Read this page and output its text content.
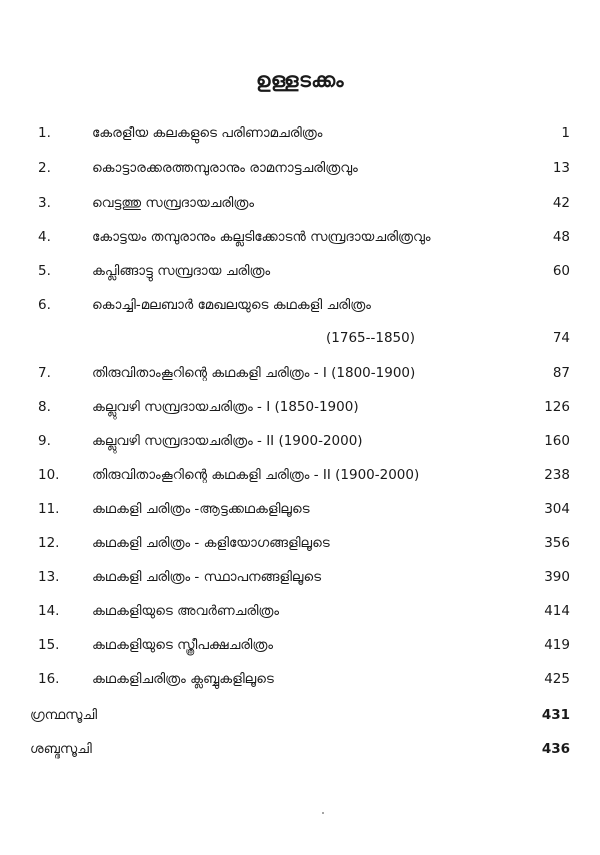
ഉള്ളടക്കം
1.	കേരളീയ കലകളുടെ പരിണാമചരിത്രം	1
2.	കൊട്ടാരക്കരത്തമ്പുരാനും രാമനാട്ടചരിത്രവും	13
3.	വെട്ടത്തു സമ്പ്രദായചരിത്രം	42
4.	കോട്ടയം തമ്പുരാനും കല്ലടിക്കോടൻ സമ്പ്രദായചരിത്രവും	48
5.	കപ്ലിങ്ങാട്ടു സമ്പ്രദായ ചരിത്രം	60
6.	കൊച്ചി-മലബാർ മേഖലയുടെ കഥകളി ചരിത്രം
(1765--1850)	74
7.	തിരുവിതാംകൂറിന്റെ കഥകളി ചരിത്രം - I (1800-1900)	87
8.	കല്ലുവഴി സമ്പ്രദായചരിത്രം - I (1850-1900)	126
9.	കല്ലുവഴി സമ്പ്രദായചരിത്രം - II (1900-2000)	160
10. തിരുവിതാംകൂറിന്റെ കഥകളി ചരിത്രം - II (1900-2000)	238
11. കഥകളി ചരിത്രം -ആട്ടക്കഥകളിലൂടെ	304
12. കഥകളി ചരിത്രം - കളിയോഗങ്ങളിലൂടെ	356
13. കഥകളി ചരിത്രം - സ്ഥാപനങ്ങളിലൂടെ	390
14. കഥകളിയുടെ അവർണചരിത്രം	414
15. കഥകളിയുടെ സ്ത്രീപക്ഷചരിത്രം	419
16. കഥകളിചരിത്രം ക്ലബ്ബുകളിലൂടെ	425
ഗ്രന്ഥസൂചി	431
ശബ്ദസൂചി	436
